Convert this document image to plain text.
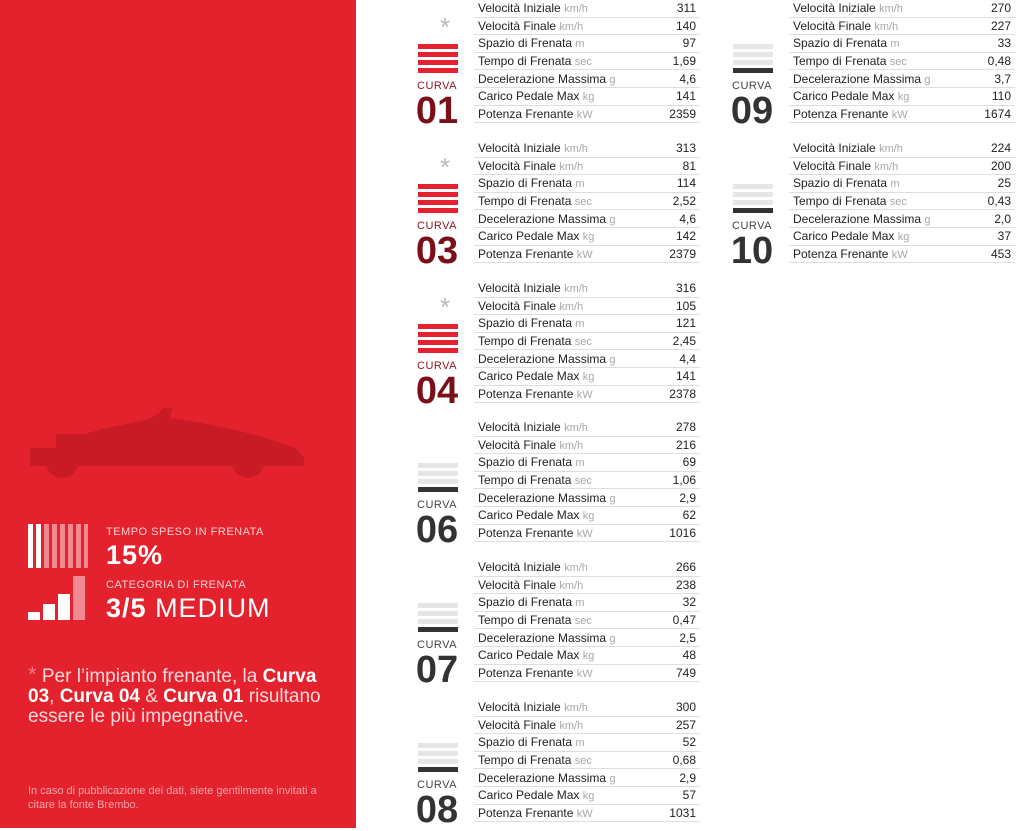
TEMPO SPESO IN FRENATA
15%
CATEGORIA DI FRENATA
3/5 MEDIUM
* Per l’impianto frenante, la Curva 03, Curva 04 & Curva 01 risultano essere le più impegnative.
In caso di pubblicazione dei dati, siete gentilmente invitati a citare la fonte Brembo.
*
CURVA
01
Velocità Iniziale km/h	311
Velocità Finale km/h	140
Spazio di Frenata m	97
Tempo di Frenata sec	1,69
Decelerazione Massima g	4,6
Carico Pedale Max kg	141
Potenza Frenante kW	2359
*
CURVA
03
Velocità Iniziale km/h	313
Velocità Finale km/h	81
Spazio di Frenata m	114
Tempo di Frenata sec	2,52
Decelerazione Massima g	4,6
Carico Pedale Max kg	142
Potenza Frenante kW	2379
*
CURVA
04
Velocità Iniziale km/h	316
Velocità Finale km/h	105
Spazio di Frenata m	121
Tempo di Frenata sec	2,45
Decelerazione Massima g	4,4
Carico Pedale Max kg	141
Potenza Frenante kW	2378
CURVA
06
Velocità Iniziale km/h	278
Velocità Finale km/h	216
Spazio di Frenata m	69
Tempo di Frenata sec	1,06
Decelerazione Massima g	2,9
Carico Pedale Max kg	62
Potenza Frenante kW	1016
CURVA
07
Velocità Iniziale km/h	266
Velocità Finale km/h	238
Spazio di Frenata m	32
Tempo di Frenata sec	0,47
Decelerazione Massima g	2,5
Carico Pedale Max kg	48
Potenza Frenante kW	749
CURVA
08
Velocità Iniziale km/h	300
Velocità Finale km/h	257
Spazio di Frenata m	52
Tempo di Frenata sec	0,68
Decelerazione Massima g	2,9
Carico Pedale Max kg	57
Potenza Frenante kW	1031
CURVA
09
Velocità Iniziale km/h	270
Velocità Finale km/h	227
Spazio di Frenata m	33
Tempo di Frenata sec	0,48
Decelerazione Massima g	3,7
Carico Pedale Max kg	110
Potenza Frenante kW	1674
CURVA
10
Velocità Iniziale km/h	224
Velocità Finale km/h	200
Spazio di Frenata m	25
Tempo di Frenata sec	0,43
Decelerazione Massima g	2,0
Carico Pedale Max kg	37
Potenza Frenante kW	453
